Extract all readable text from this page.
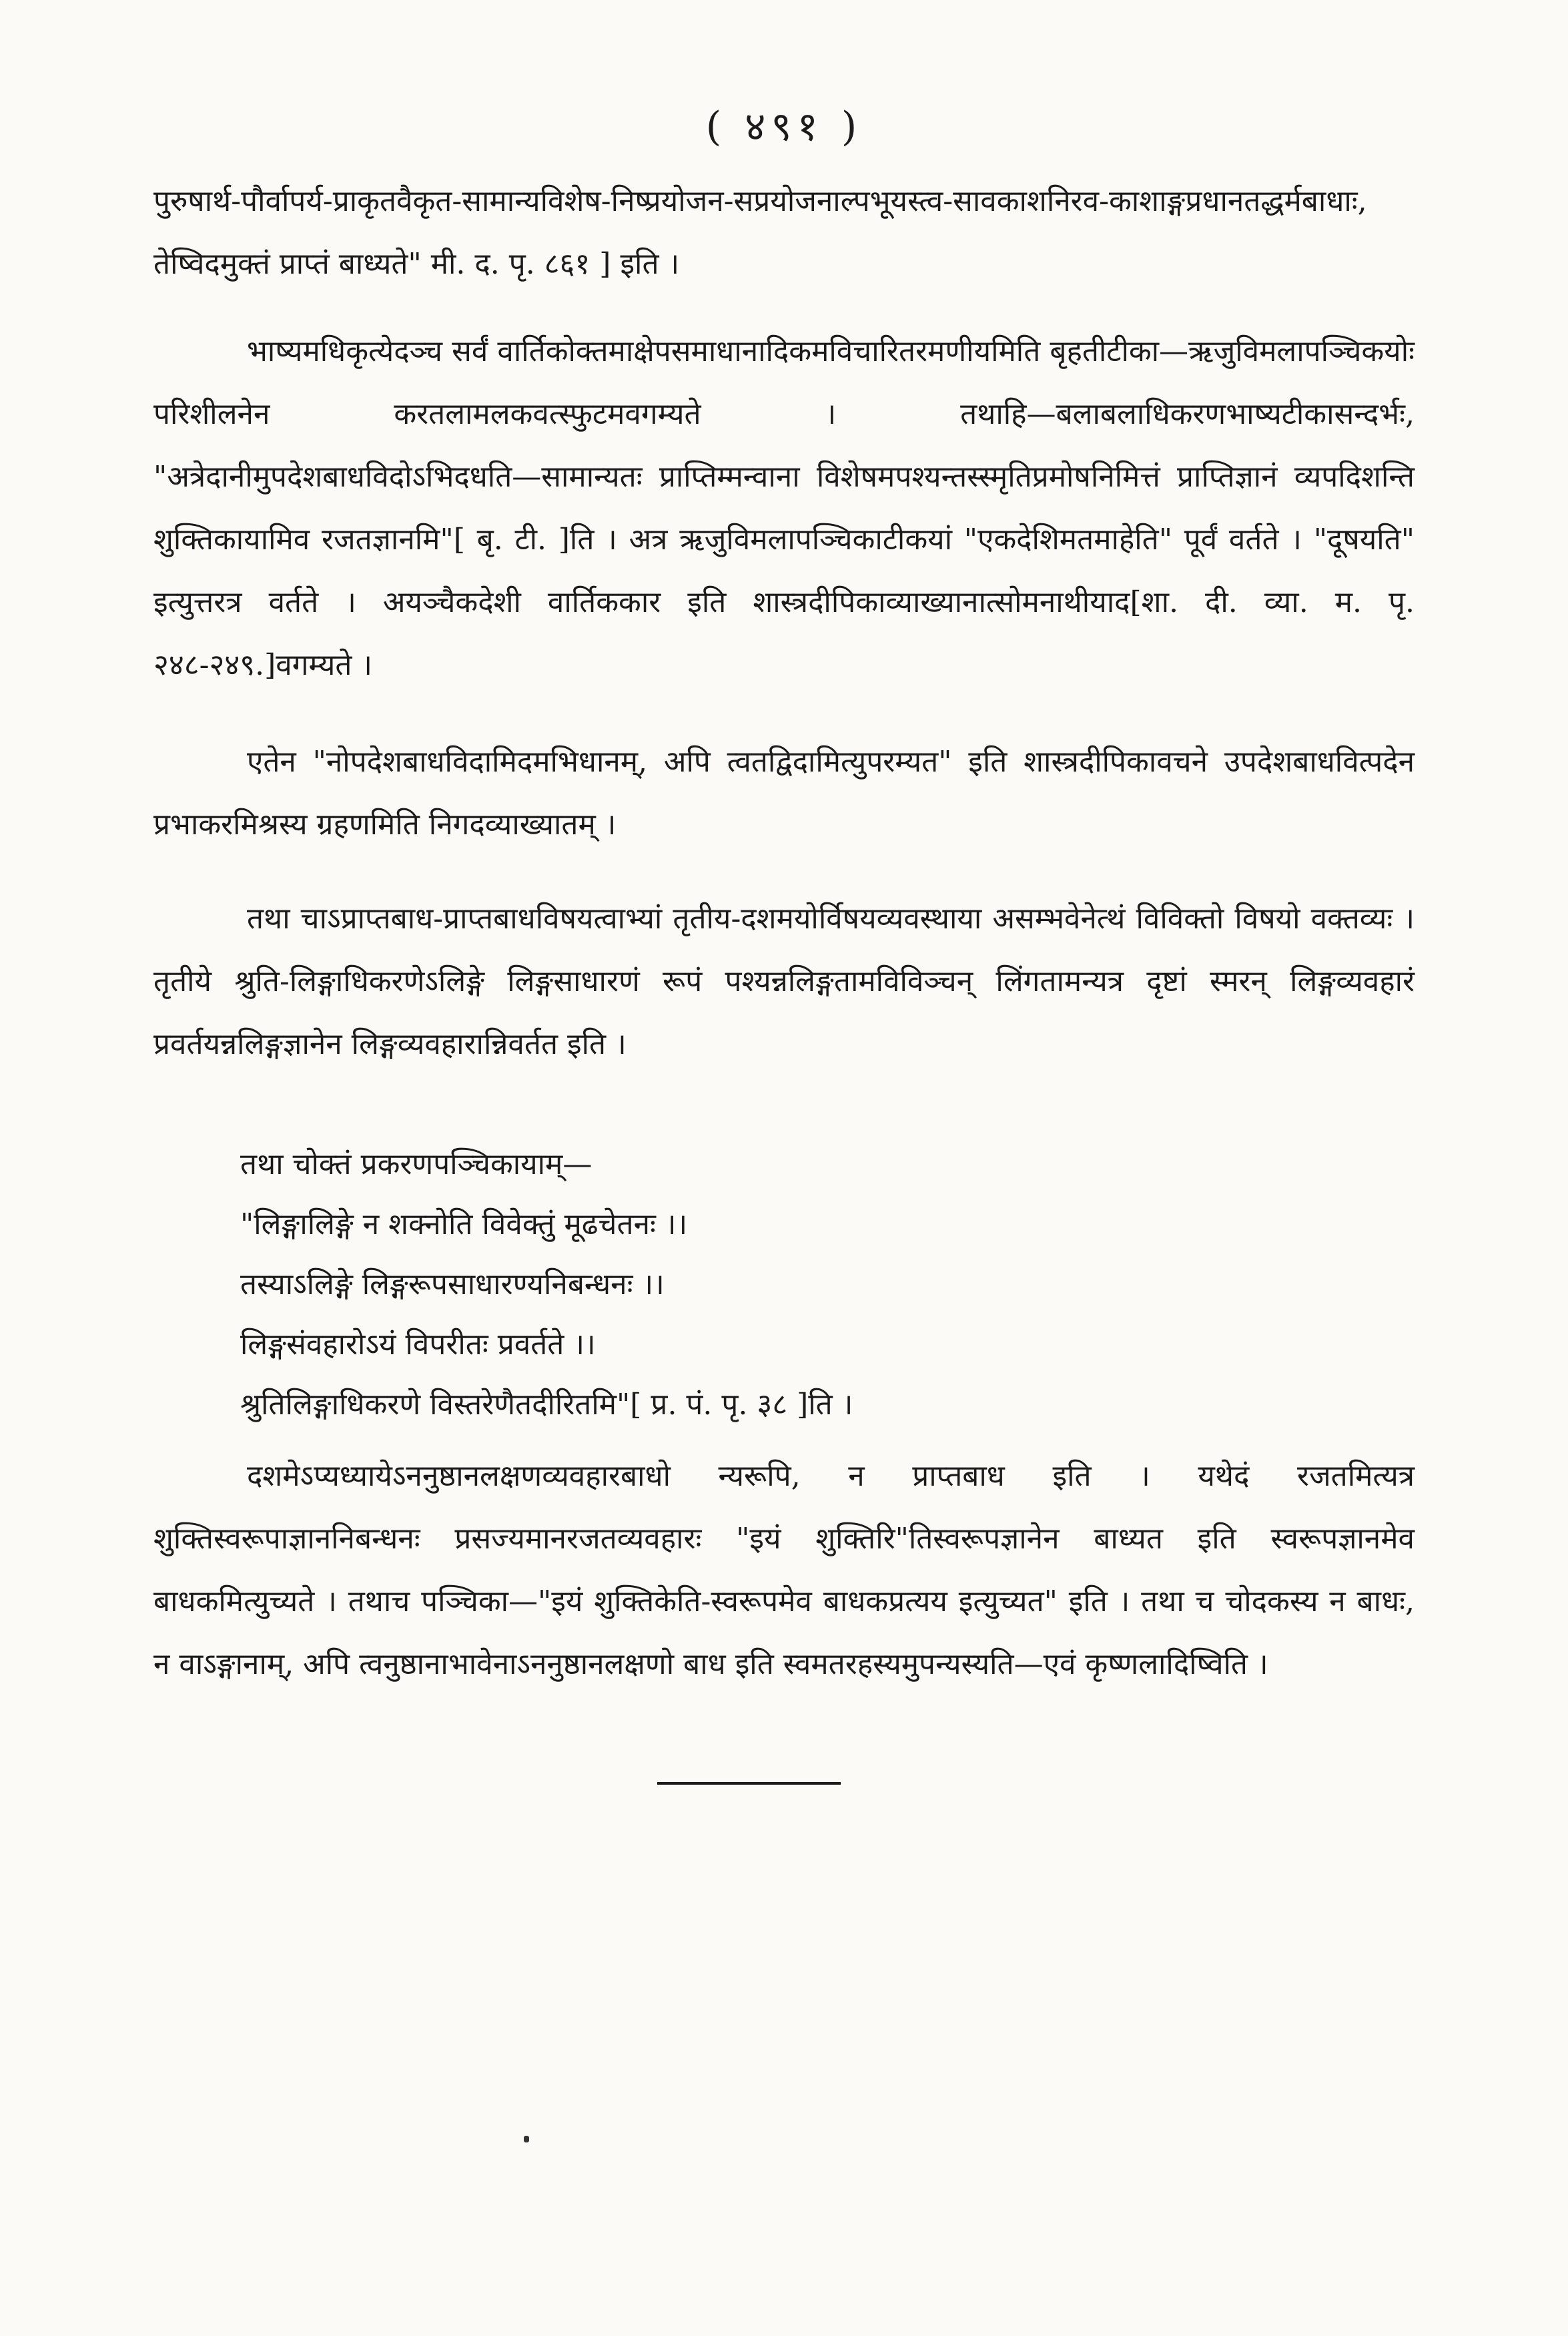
( ४९१ )

पुरुषार्थ-पौर्वापर्य-प्राकृतवैकृत-सामान्यविशेष-निष्प्रयोजन-सप्रयोजनाल्पभूयस्त्व-सावकाशनिरव-काशाङ्गप्रधानतद्धर्मबाधाः, तेष्विदमुक्तं प्राप्तं बाध्यते" मी. द. पृ. ८६१ ] इति ।

भाष्यमधिकृत्येदञ्च सर्वं वार्तिकोक्तमाक्षेपसमाधानादिकमविचारितरमणीयमिति बृहतीटीका—ऋजुविमलापञ्चिकयोः परिशीलनेन करतलामलकवत्स्फुटमवगम्यते । तथाहि—बलाबलाधिकरणभाष्यटीकासन्दर्भः, "अत्रेदानीमुपदेशबाधविदोऽभिदधति—सामान्यतः प्राप्तिम्मन्वाना विशेषमपश्यन्तस्स्मृतिप्रमोषनिमित्तं प्राप्तिज्ञानं व्यपदिशन्ति शुक्तिकायामिव रजतज्ञानमि"[ बृ. टी. ]ति । अत्र ऋजुविमलापञ्चिकाटीकयां "एकदेशिमतमाहेति" पूर्वं वर्तते । "दूषयति" इत्युत्तरत्र वर्तते । अयञ्चैकदेशी वार्तिककार इति शास्त्रदीपिकाव्याख्यानात्सोमनाथीयाद[शा. दी. व्या. म. पृ. २४८-२४९.]वगम्यते ।

एतेन "नोपदेशबाधविदामिदमभिधानम्, अपि त्वतद्विदामित्युपरम्यत" इति शास्त्रदीपिकावचने उपदेशबाधवित्पदेन प्रभाकरमिश्रस्य ग्रहणमिति निगदव्याख्यातम् ।

तथा चाऽप्राप्तबाध-प्राप्तबाधविषयत्वाभ्यां तृतीय-दशमयोर्विषयव्यवस्थाया असम्भवेनेत्थं विविक्तो विषयो वक्तव्यः । तृतीये श्रुति-लिङ्गाधिकरणेऽलिङ्गे लिङ्गसाधारणं रूपं पश्यन्नलिङ्गतामविविञ्चन् लिंगतामन्यत्र दृष्टां स्मरन् लिङ्गव्यवहारं प्रवर्तयन्नलिङ्गज्ञानेन लिङ्गव्यवहारान्निवर्तत इति ।

तथा चोक्तं प्रकरणपञ्चिकायाम्—

"लिङ्गालिङ्गे न शक्नोति विवेक्तुं मूढचेतनः ।।

तस्याऽलिङ्गे लिङ्गरूपसाधारण्यनिबन्धनः ।।

लिङ्गसंवहारोऽयं विपरीतः प्रवर्तते ।।

श्रुतिलिङ्गाधिकरणे विस्तरेणैतदीरितमि"[ प्र. पं. पृ. ३८ ]ति ।

दशमेऽप्यध्यायेऽननुष्ठानलक्षणव्यवहारबाधो न्यरूपि, न प्राप्तबाध इति । यथेदं रजतमित्यत्र शुक्तिस्वरूपाज्ञाननिबन्धनः प्रसज्यमानरजतव्यवहारः "इयं शुक्तिरि"तिस्वरूपज्ञानेन बाध्यत इति स्वरूपज्ञानमेव बाधकमित्युच्यते । तथाच पञ्चिका—"इयं शुक्तिकेति-स्वरूपमेव बाधकप्रत्यय इत्युच्यत" इति । तथा च चोदकस्य न बाधः, न वाऽङ्गानाम्, अपि त्वनुष्ठानाभावेनाऽननुष्ठानलक्षणो बाध इति स्वमतरहस्यमुपन्यस्यति—एवं कृष्णलादिष्विति ।
